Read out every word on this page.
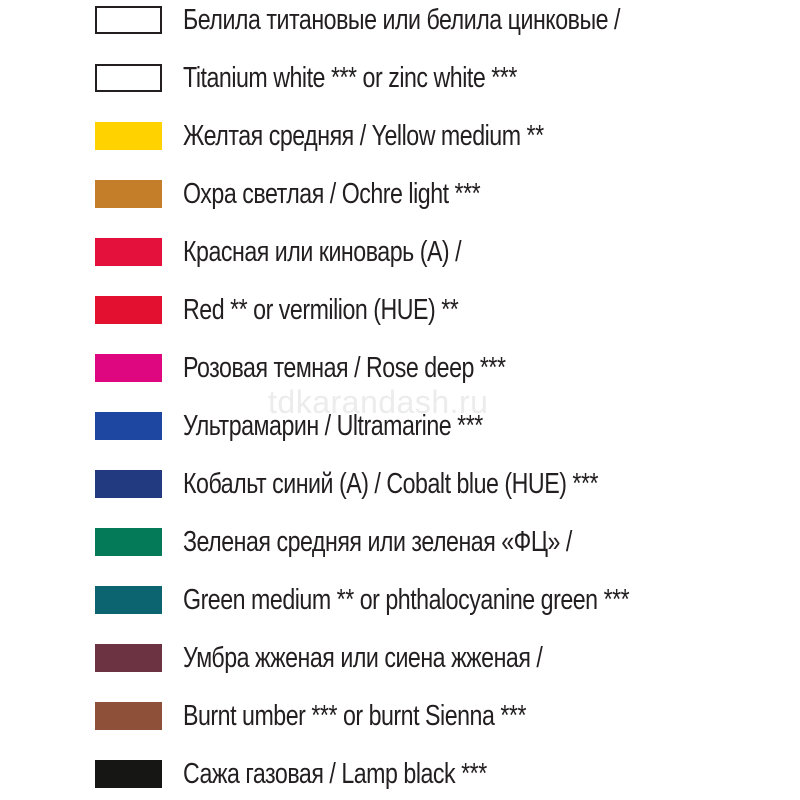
Белила титановые или белила цинковые /
Titanium white *** or zinc white ***
Желтая средняя / Yellow medium **
Охра светлая / Ochre light ***
Красная или киноварь (А) /
Red ** or vermilion (HUE) **
Розовая темная / Rose deep ***
Ультрамарин / Ultramarine ***
Кобальт синий (А) / Cobalt blue (HUE) ***
Зеленая средняя или зеленая «ФЦ» /
Green medium ** or phthalocyanine green ***
Умбра жженая или сиена жженая /
Burnt umber *** or burnt Sienna ***
Сажа газовая / Lamp black ***
tdkarandash.ru
